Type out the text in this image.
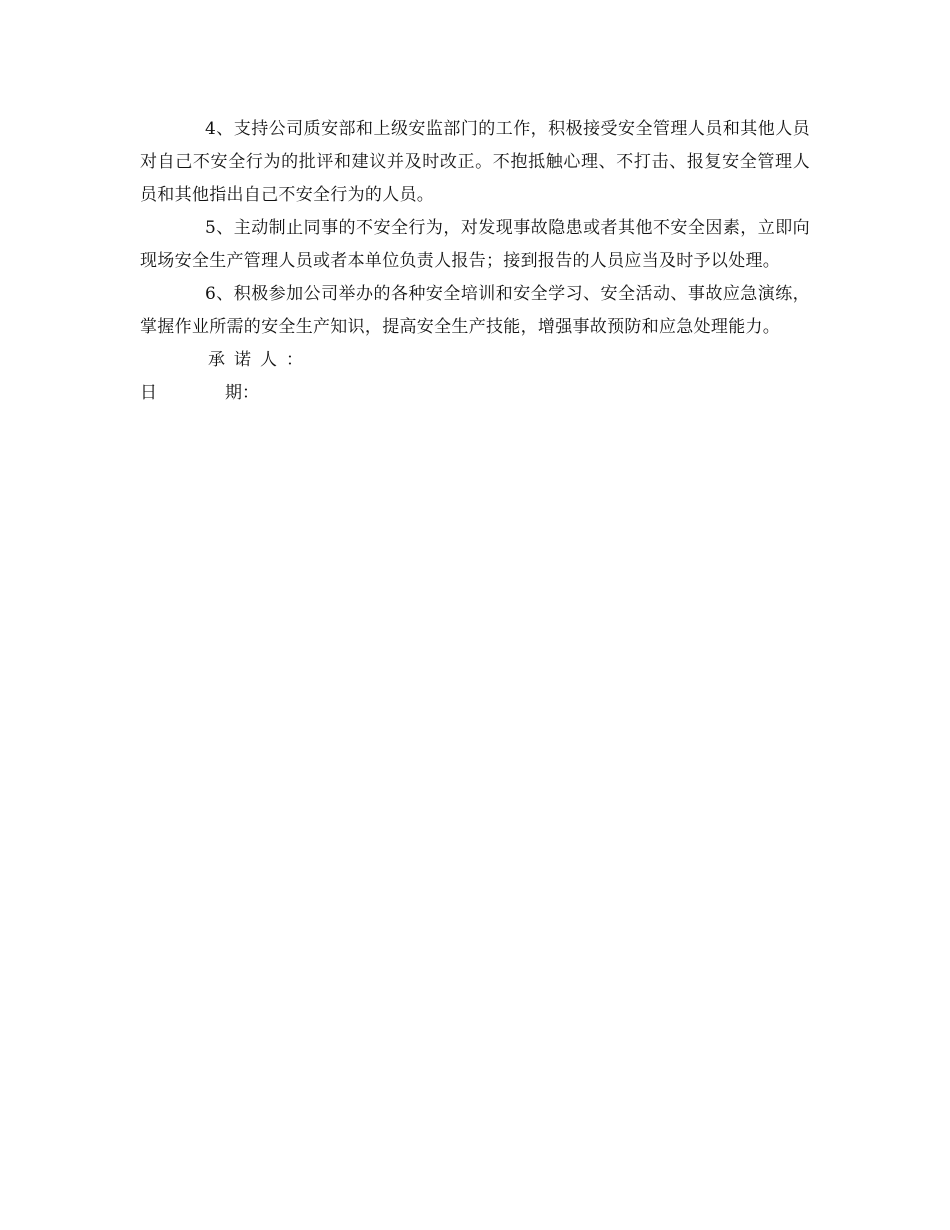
4、支持公司质安部和上级安监部门的工作，积极接受安全管理人员和其他人员对自己不安全行为的批评和建议并及时改正。不抱抵触心理、不打击、报复安全管理人员和其他指出自己不安全行为的人员。

5、主动制止同事的不安全行为，对发现事故隐患或者其他不安全因素，立即向现场安全生产管理人员或者本单位负责人报告；接到报告的人员应当及时予以处理。

6、积极参加公司举办的各种安全培训和安全学习、安全活动、事故应急演练，掌握作业所需的安全生产知识，提高安全生产技能，增强事故预防和应急处理能力。

承诺人：

日	期：
